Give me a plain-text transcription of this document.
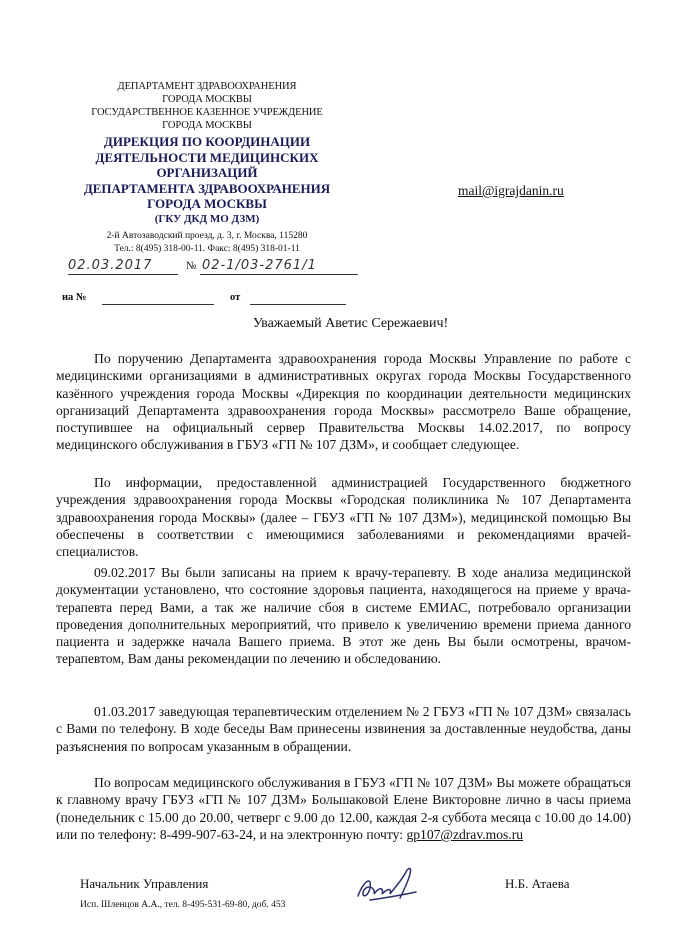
ДЕПАРТАМЕНТ ЗДРАВООХРАНЕНИЯ
ГОРОДА МОСКВЫ
ГОСУДАРСТВЕННОЕ КАЗЕННОЕ УЧРЕЖДЕНИЕ
ГОРОДА МОСКВЫ
ДИРЕКЦИЯ ПО КООРДИНАЦИИ
ДЕЯТЕЛЬНОСТИ МЕДИЦИНСКИХ
ОРГАНИЗАЦИЙ
ДЕПАРТАМЕНТА ЗДРАВООХРАНЕНИЯ
ГОРОДА МОСКВЫ
(ГКУ ДКД МО ДЗМ)
2-й Автозаводский проезд, д. 3, г. Москва, 115280
Тел.: 8(495) 318-00-11. Факс: 8(495) 318-01-11
02.03.2017	№ 02-1/03-2761/1
на №	от
mail@igrajdanin.ru
Уважаемый Аветис Сережаевич!
По поручению Департамента здравоохранения города Москвы Управление по работе с медицинскими организациями в административных округах города Москвы Государственного казённого учреждения города Москвы «Дирекция по координации деятельности медицинских организаций Департамента здравоохранения города Москвы» рассмотрело Ваше обращение, поступившее на официальный сервер Правительства Москвы 14.02.2017, по вопросу медицинского обслуживания в ГБУЗ «ГП № 107 ДЗМ», и сообщает следующее.
По информации, предоставленной администрацией Государственного бюджетного учреждения здравоохранения города Москвы «Городская поликлиника № 107 Департамента здравоохранения города Москвы» (далее – ГБУЗ «ГП № 107 ДЗМ»), медицинской помощью Вы обеспечены в соответствии с имеющимися заболеваниями и рекомендациями врачей-специалистов.
09.02.2017 Вы были записаны на прием к врачу-терапевту. В ходе анализа медицинской документации установлено, что состояние здоровья пациента, находящегося на приеме у врача-терапевта перед Вами, а так же наличие сбоя в системе ЕМИАС, потребовало организации проведения дополнительных мероприятий, что привело к увеличению времени приема данного пациента и задержке начала Вашего приема. В этот же день Вы были осмотрены, врачом-терапевтом, Вам даны рекомендации по лечению и обследованию.
01.03.2017 заведующая терапевтическим отделением № 2 ГБУЗ «ГП № 107 ДЗМ» связалась с Вами по телефону. В ходе беседы Вам принесены извинения за доставленные неудобства, даны разъяснения по вопросам указанным в обращении.
По вопросам медицинского обслуживания в ГБУЗ «ГП № 107 ДЗМ» Вы можете обращаться к главному врачу ГБУЗ «ГП № 107 ДЗМ» Большаковой Елене Викторовне лично в часы приема (понедельник с 15.00 до 20.00, четверг с 9.00 до 12.00, каждая 2-я суббота месяца с 10.00 до 14.00) или по телефону: 8-499-907-63-24, и на электронную почту: gp107@zdrav.mos.ru
Начальник Управления	Н.Б. Атаева
Исп. Шленцов А.А., тел. 8-495-531-69-80, доб. 453
